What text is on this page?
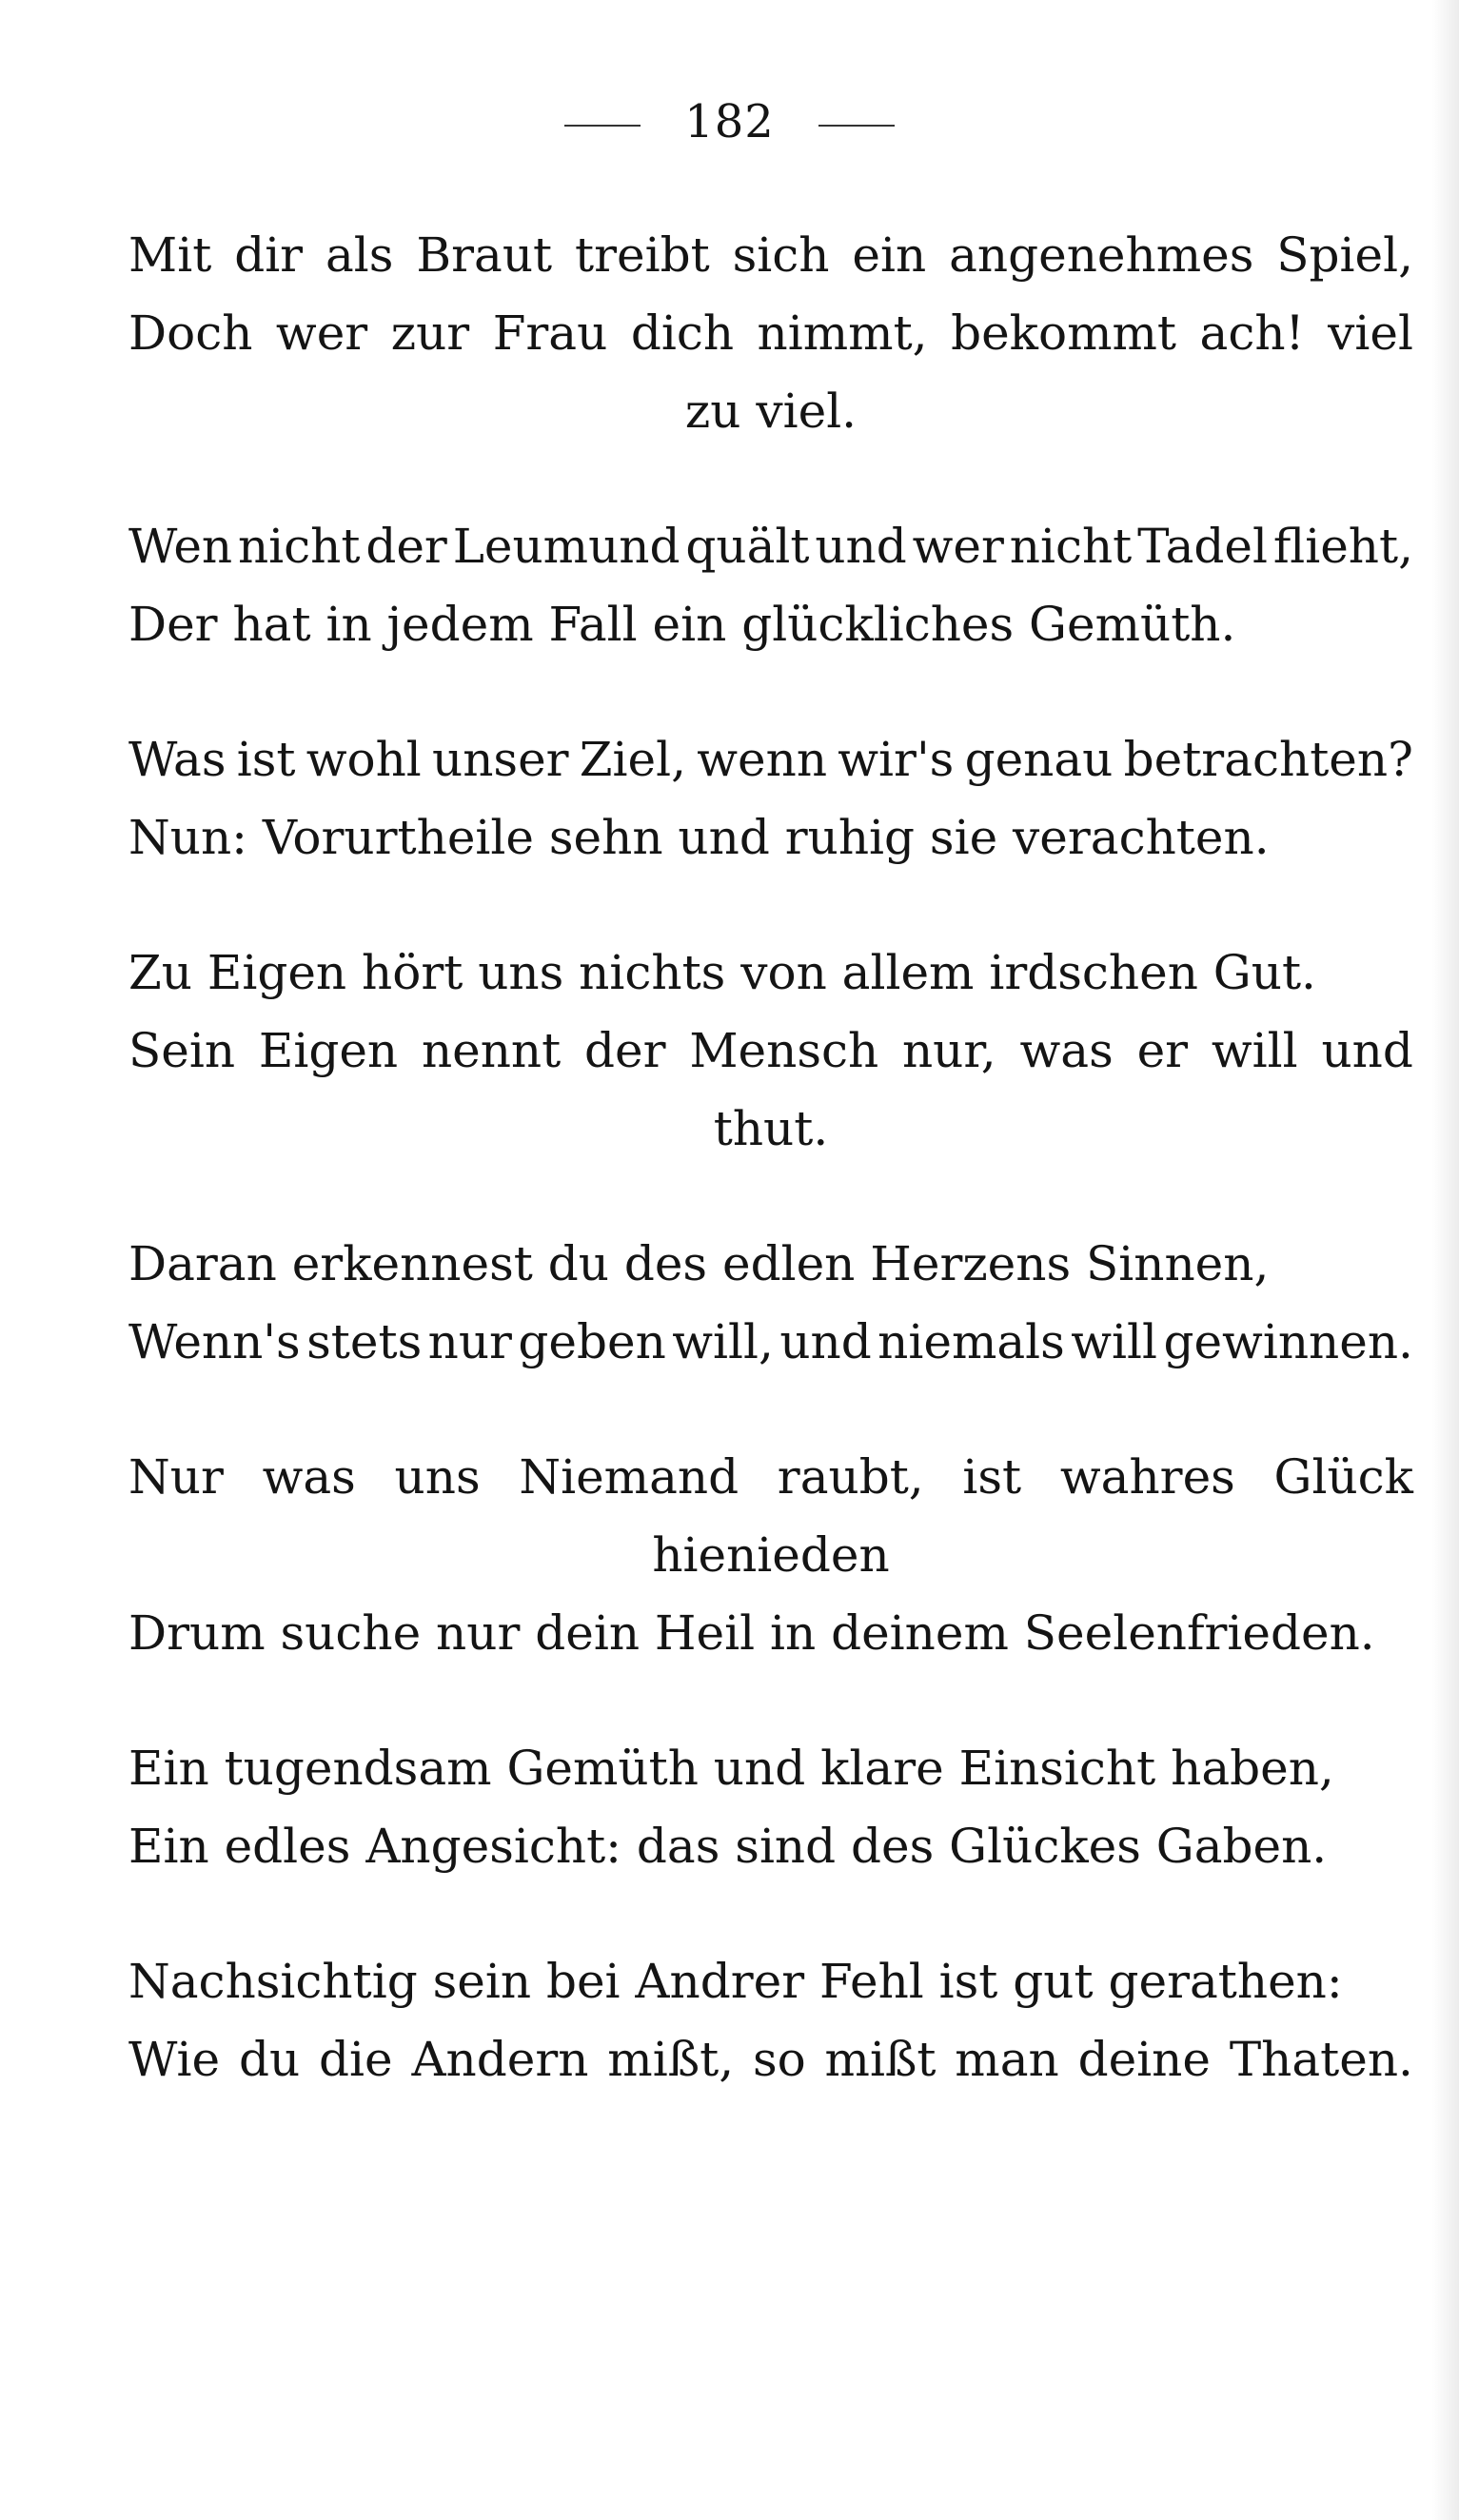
182
Mit dir als Braut treibt sich ein angenehmes Spiel,
Doch wer zur Frau dich nimmt, bekommt ach! viel
zu viel.
Wen nicht der Leumund quält und wer nicht Tadel flieht,
Der hat in jedem Fall ein glückliches Gemüth.
Was ist wohl unser Ziel, wenn wir's genau betrachten?
Nun: Vorurtheile sehn und ruhig sie verachten.
Zu Eigen hört uns nichts von allem irdschen Gut.
Sein Eigen nennt der Mensch nur, was er will und
thut.
Daran erkennest du des edlen Herzens Sinnen,
Wenn's stets nur geben will, und niemals will gewinnen.
Nur was uns Niemand raubt, ist wahres Glück
hienieden
Drum suche nur dein Heil in deinem Seelenfrieden.
Ein tugendsam Gemüth und klare Einsicht haben,
Ein edles Angesicht: das sind des Glückes Gaben.
Nachsichtig sein bei Andrer Fehl ist gut gerathen:
Wie du die Andern mißt, so mißt man deine Thaten.
